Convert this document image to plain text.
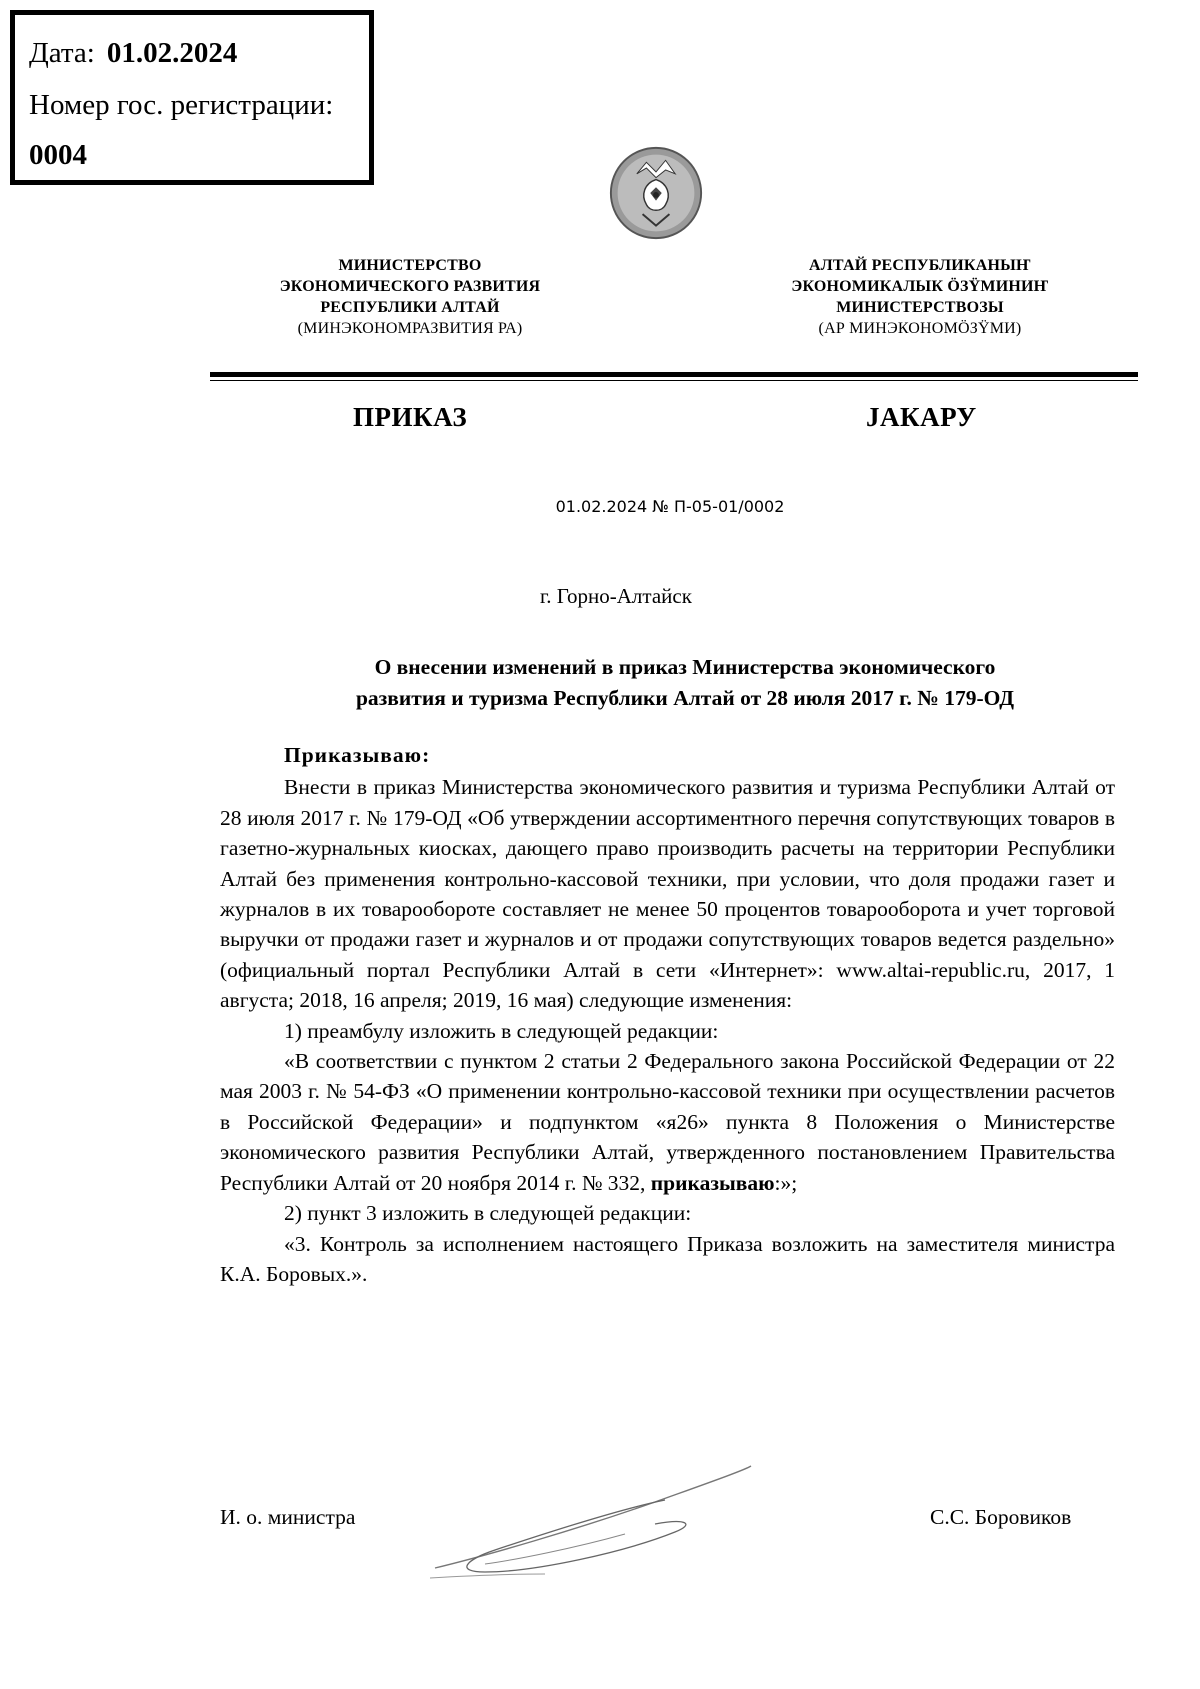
Дата: 01.02.2024
Номер гос. регистрации:
0004
МИНИСТЕРСТВО
ЭКОНОМИЧЕСКОГО РАЗВИТИЯ
РЕСПУБЛИКИ АЛТАЙ
(МИНЭКОНОМРАЗВИТИЯ РА)
АЛТАЙ РЕСПУБЛИКАНЫҤ
ЭКОНОМИКАЛЫК ÖЗŸМИНИҤ
МИНИСТЕРСТВОЗЫ
(АР МИНЭКОНОМÖЗŸМИ)
ПРИКАЗ	JАКАРУ
01.02.2024 № П-05-01/0002
г. Горно-Алтайск
О внесении изменений в приказ Министерства экономического
развития и туризма Республики Алтай от 28 июля 2017 г. № 179-ОД

Приказываю:

Внести в приказ Министерства экономического развития и туризма Республики Алтай от 28 июля 2017 г. № 179-ОД «Об утверждении ассортиментного перечня сопутствующих товаров в газетно-журнальных киосках, дающего право производить расчеты на территории Республики Алтай без применения контрольно-кассовой техники, при условии, что доля продажи газет и журналов в их товарообороте составляет не менее 50 процентов товарооборота и учет торговой выручки от продажи газет и журналов и от продажи сопутствующих товаров ведется раздельно» (официальный портал Республики Алтай в сети «Интернет»: www.altai-republic.ru, 2017, 1 августа; 2018, 16 апреля; 2019, 16 мая) следующие изменения:

1) преамбулу изложить в следующей редакции:

«В соответствии с пунктом 2 статьи 2 Федерального закона Российской Федерации от 22 мая 2003 г. № 54-ФЗ «О применении контрольно-кассовой техники при осуществлении расчетов в Российской Федерации» и подпунктом «я26» пункта 8 Положения о Министерстве экономического развития Республики Алтай, утвержденного постановлением Правительства Республики Алтай от 20 ноября 2014 г. № 332, приказываю:»;

2) пункт 3 изложить в следующей редакции:

«3. Контроль за исполнением настоящего Приказа возложить на заместителя министра К.А. Боровых.».

И. о. министра	С.С. Боровиков
